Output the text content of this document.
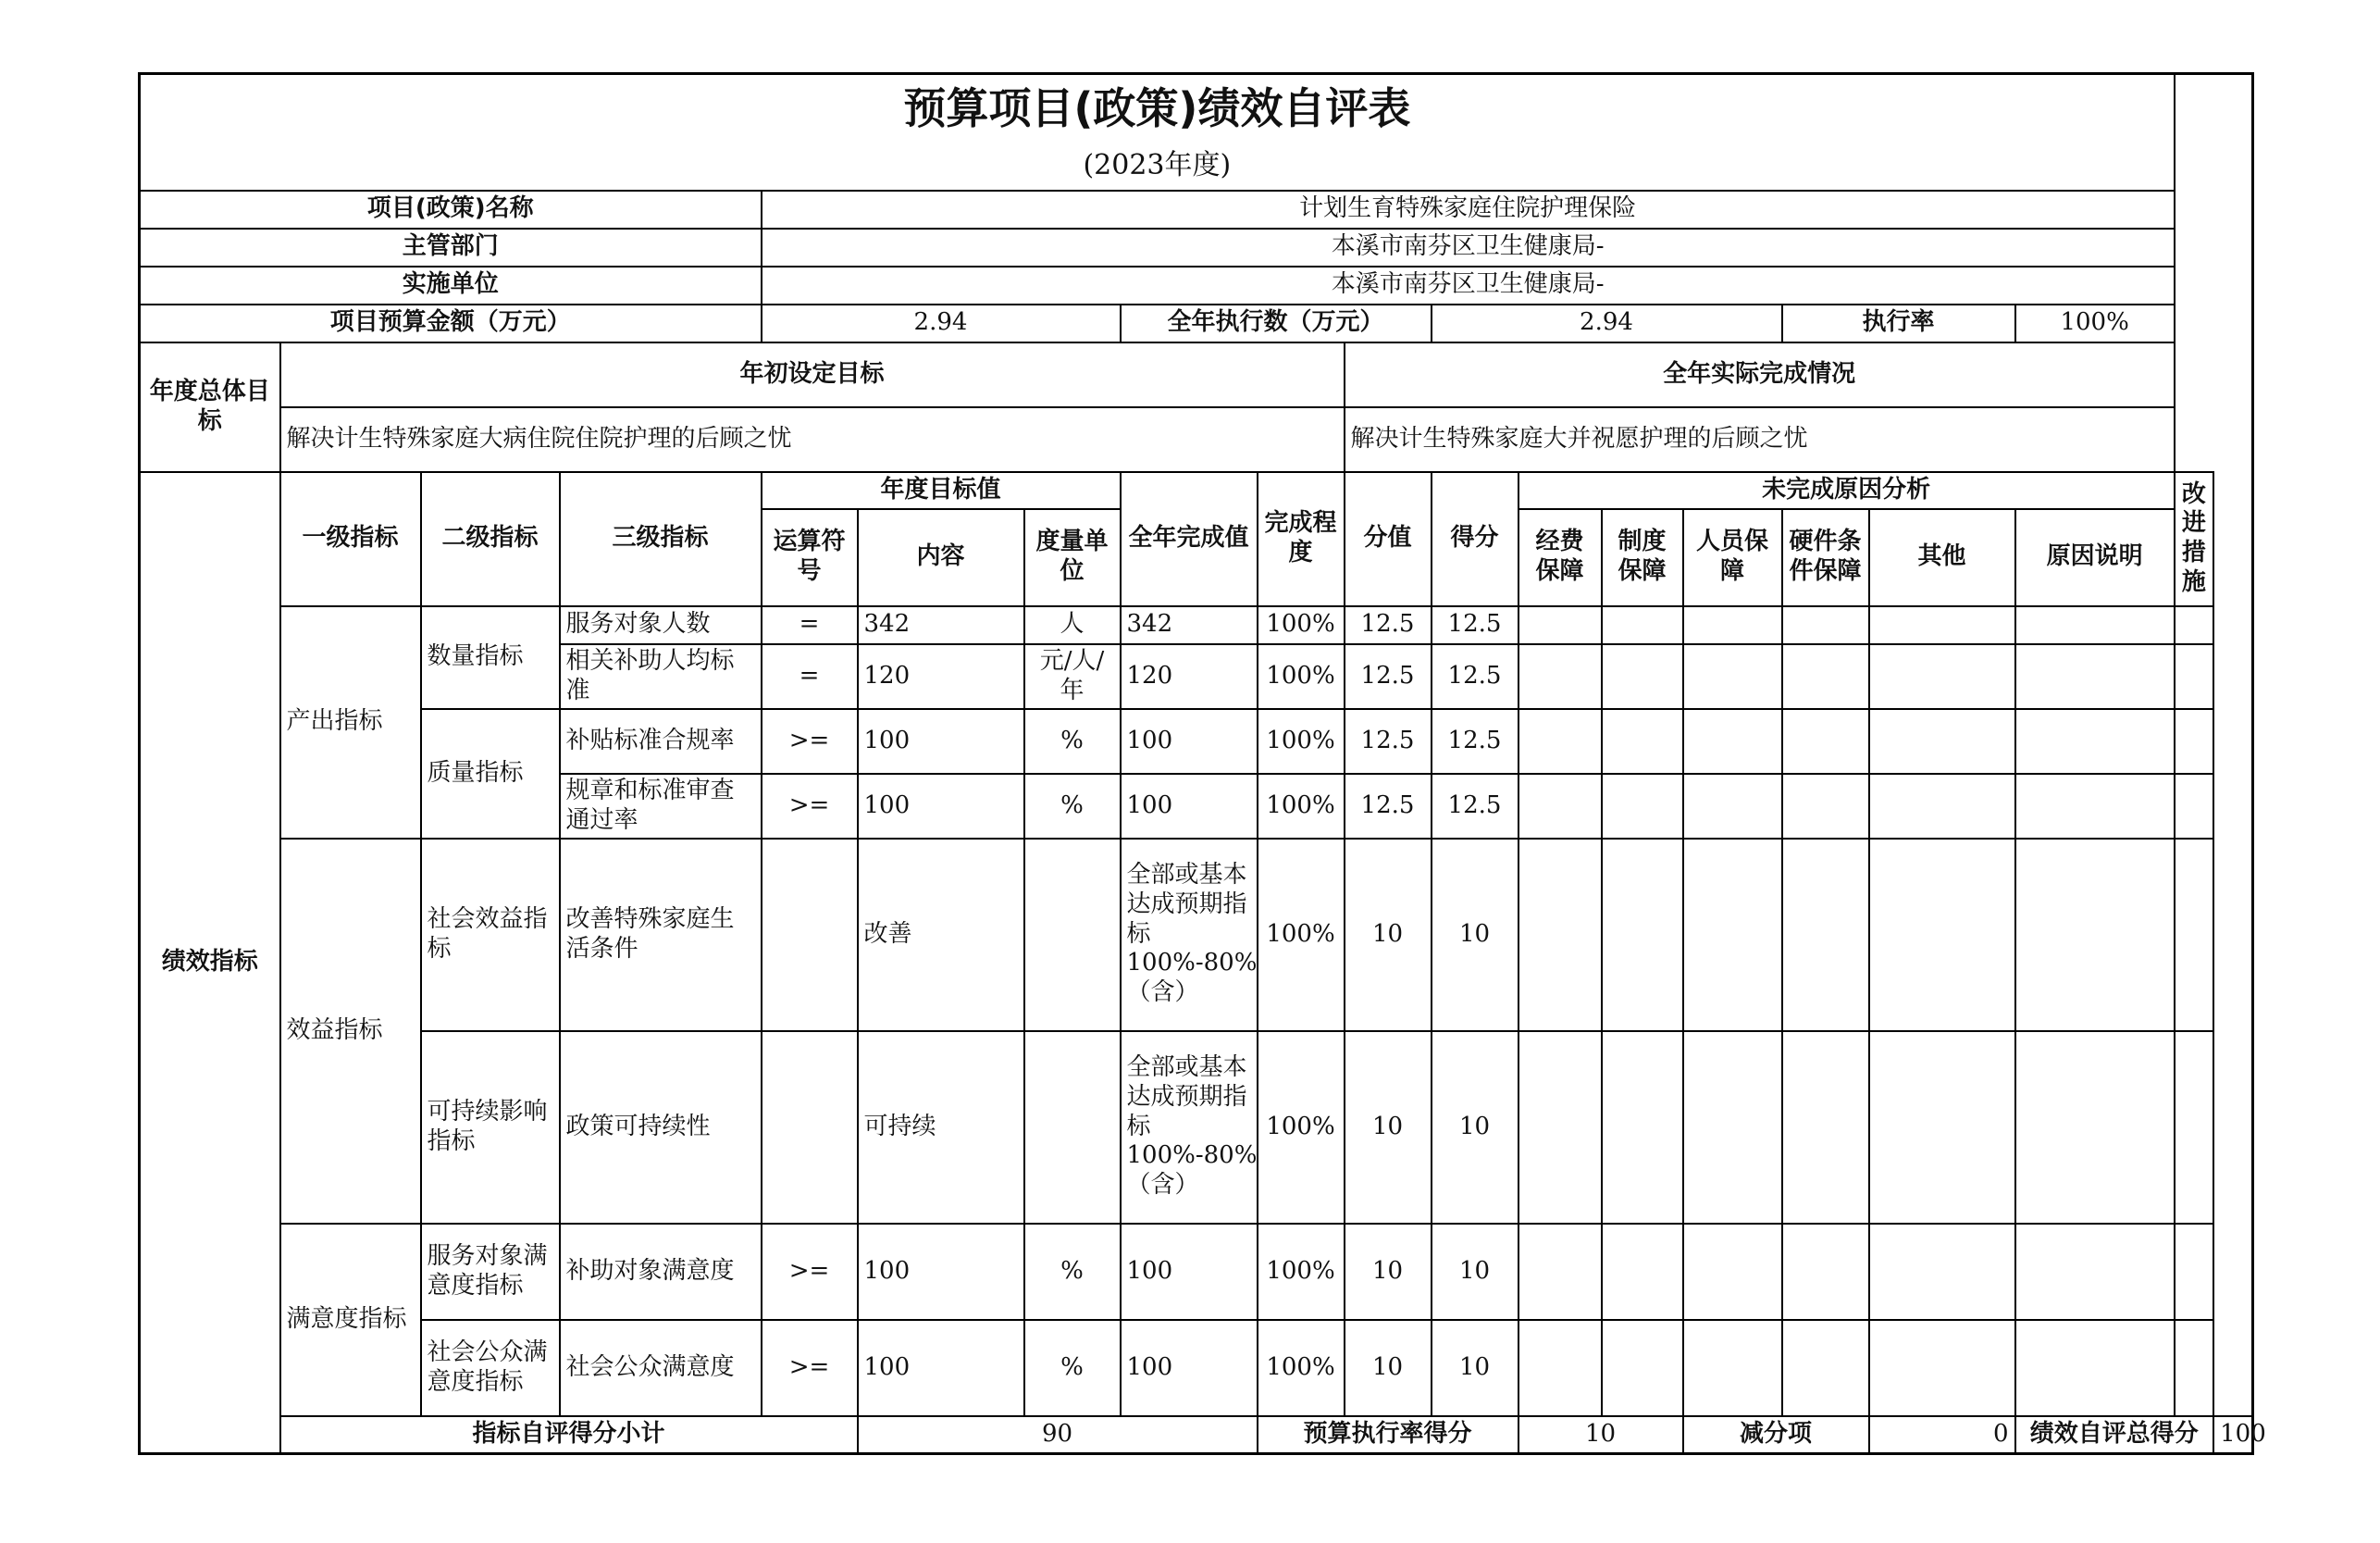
预算项目(政策)绩效自评表																		
(2023年度)																		
项目(政策)名称				计划生育特殊家庭住院护理保险														
主管部门				本溪市南芬区卫生健康局-														
实施单位				本溪市南芬区卫生健康局-														
项目预算金额（万元）				2.94			全年执行数（万元）			2.94				执行率		100%		
年度总体目标	年初设定目标								全年实际完成情况									
	解决计生特殊家庭大病住院住院护理的后顾之忧								解决计生特殊家庭大并祝愿护理的后顾之忧									
绩效指标	一级指标	二级指标	三级指标	年度目标值			全年完成值	完成程度	分值	得分	未完成原因分析						改进措施	
				运算符号	内容	度量单位					经费保障	制度保障	人员保障	硬件条件保障	其他	原因说明		
	产出指标	数量指标	服务对象人数	=	342	人	342	100%	12.5	12.5								
			相关补助人均标准	=	120	元/人/年	120	100%	12.5	12.5								
		质量指标	补贴标准合规率	>=	100	%	100	100%	12.5	12.5								
			规章和标准审查通过率	>=	100	%	100	100%	12.5	12.5								
	效益指标	社会效益指标	改善特殊家庭生活条件		改善		全部或基本达成预期指标100%-80%（含）	100%	10	10								
		可持续影响指标	政策可持续性		可持续		全部或基本达成预期指标100%-80%（含）	100%	10	10								
	满意度指标	服务对象满意度指标	补助对象满意度	>=	100	%	100	100%	10	10								
		社会公众满意度指标	社会公众满意度	>=	100	%	100	100%	10	10								
	指标自评得分小计				90			预算执行率得分			10		减分项		0	绩效自评总得分		100
